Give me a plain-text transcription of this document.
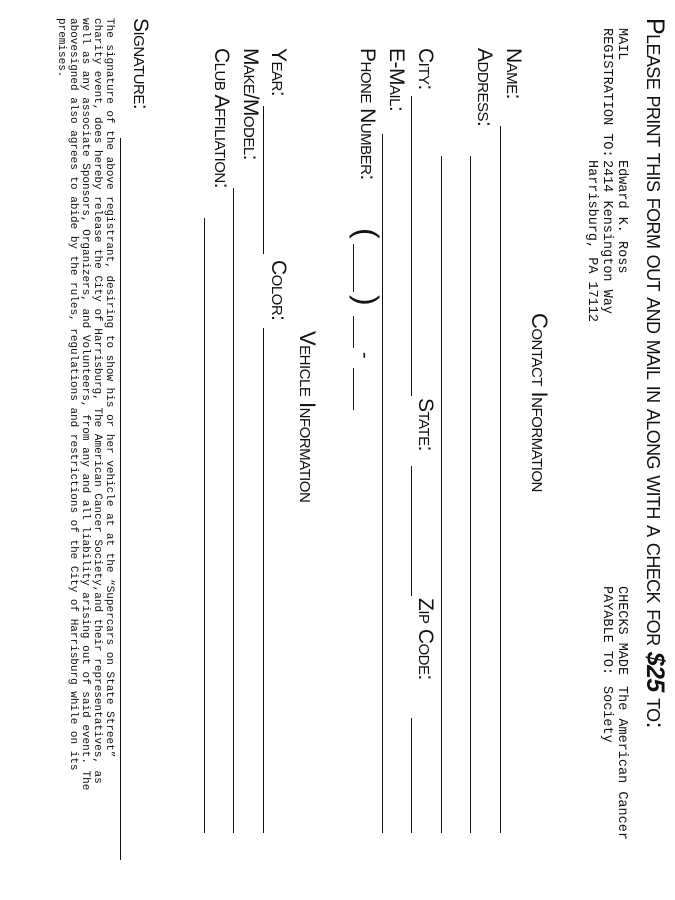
Please print this form out and mail in along with a check for $25 to:
MAIL
REGISTRATION TO:
Edward K. Ross
2414 Kensington Way
Harrisburg, PA 17112
CHECKS MADE
PAYABLE TO:
The American Cancer
Society
Contact Information
Name:
Address:
City:
State:
Zip Code:
E-Mail:
Phone Number:
(
)
-
Vehicle Information
Year:
Color:
Make/Model:
Club Affiliation:
Signature:
The signature of the above registrant, desiring to show his or her vehicle at at the “Supercars on State Street” charity event, does hereby release the City of Harrisburg, The American Cancer Society,and their representatives, as well as any associate Sponsors, Organizers, and Volunteers, from any and all liability arising out of said event. The abovesigned also agrees to abide by the rules, regulations and restrictions of the City of Harrisburg while on its premises.
